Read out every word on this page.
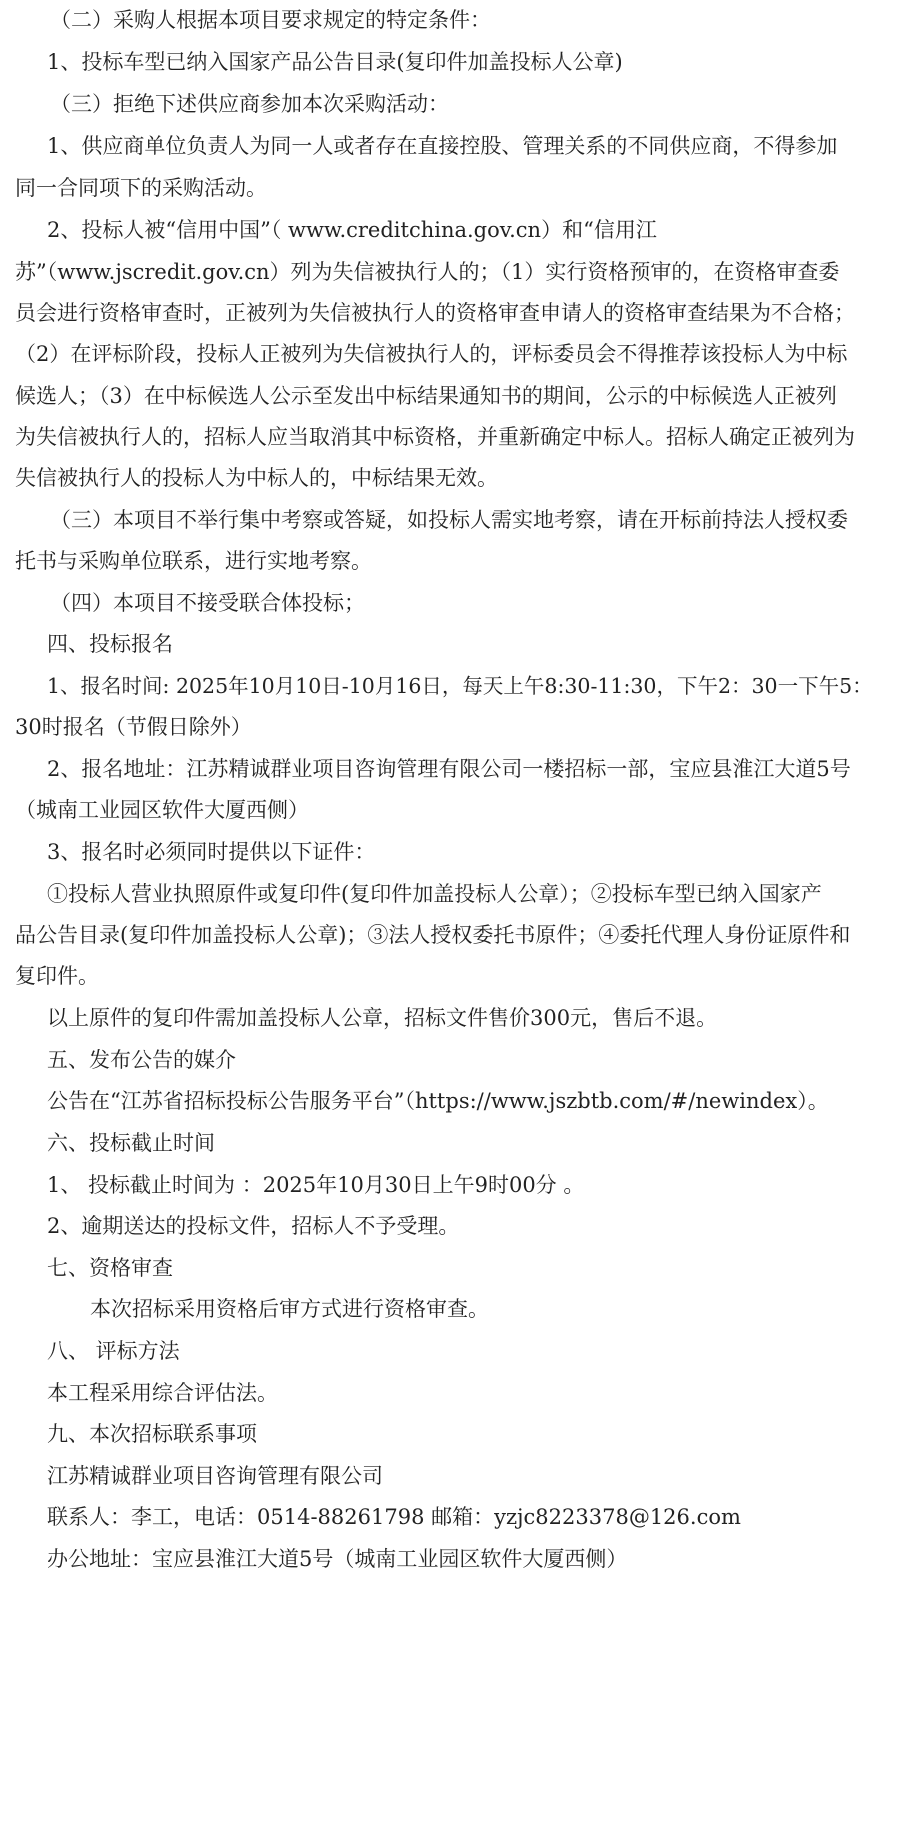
（二）采购人根据本项目要求规定的特定条件：
1、投标车型已纳入国家产品公告目录(复印件加盖投标人公章)
（三）拒绝下述供应商参加本次采购活动：
1、供应商单位负责人为同一人或者存在直接控股、管理关系的不同供应商，不得参加
同一合同项下的采购活动。
2、投标人被“信用中国”（ www.creditchina.gov.cn）和“信用江
苏”（www.jscredit.gov.cn）列为失信被执行人的；（1）实行资格预审的，在资格审查委
员会进行资格审查时，正被列为失信被执行人的资格审查申请人的资格审查结果为不合格；
（2）在评标阶段，投标人正被列为失信被执行人的，评标委员会不得推荐该投标人为中标
候选人；（3）在中标候选人公示至发出中标结果通知书的期间，公示的中标候选人正被列
为失信被执行人的，招标人应当取消其中标资格，并重新确定中标人。招标人确定正被列为
失信被执行人的投标人为中标人的，中标结果无效。
（三）本项目不举行集中考察或答疑，如投标人需实地考察，请在开标前持法人授权委
托书与采购单位联系，进行实地考察。
（四）本项目不接受联合体投标；
四、投标报名
1、报名时间: 2025年10月10日-10月16日，每天上午8:30-11:30，下午2：30一下午5：
30时报名（节假日除外）
2、报名地址：江苏精诚群业项目咨询管理有限公司一楼招标一部，宝应县淮江大道5号
（城南工业园区软件大厦西侧）
3、报名时必须同时提供以下证件：
①投标人营业执照原件或复印件(复印件加盖投标人公章）；②投标车型已纳入国家产
品公告目录(复印件加盖投标人公章)；③法人授权委托书原件；④委托代理人身份证原件和
复印件。
以上原件的复印件需加盖投标人公章，招标文件售价300元，售后不退。
五、发布公告的媒介
公告在“江苏省招标投标公告服务平台”（https://www.jszbtb.com/#/newindex）。
六、投标截止时间
1、 投标截止时间为 ：2025年10月30日上午9时00分 。
2、逾期送达的投标文件，招标人不予受理。
七、资格审查
本次招标采用资格后审方式进行资格审查。
八、 评标方法
本工程采用综合评估法。
九、本次招标联系事项
江苏精诚群业项目咨询管理有限公司
联系人：李工，电话：0514-88261798 邮箱：yzjc8223378@126.com
办公地址：宝应县淮江大道5号（城南工业园区软件大厦西侧）
